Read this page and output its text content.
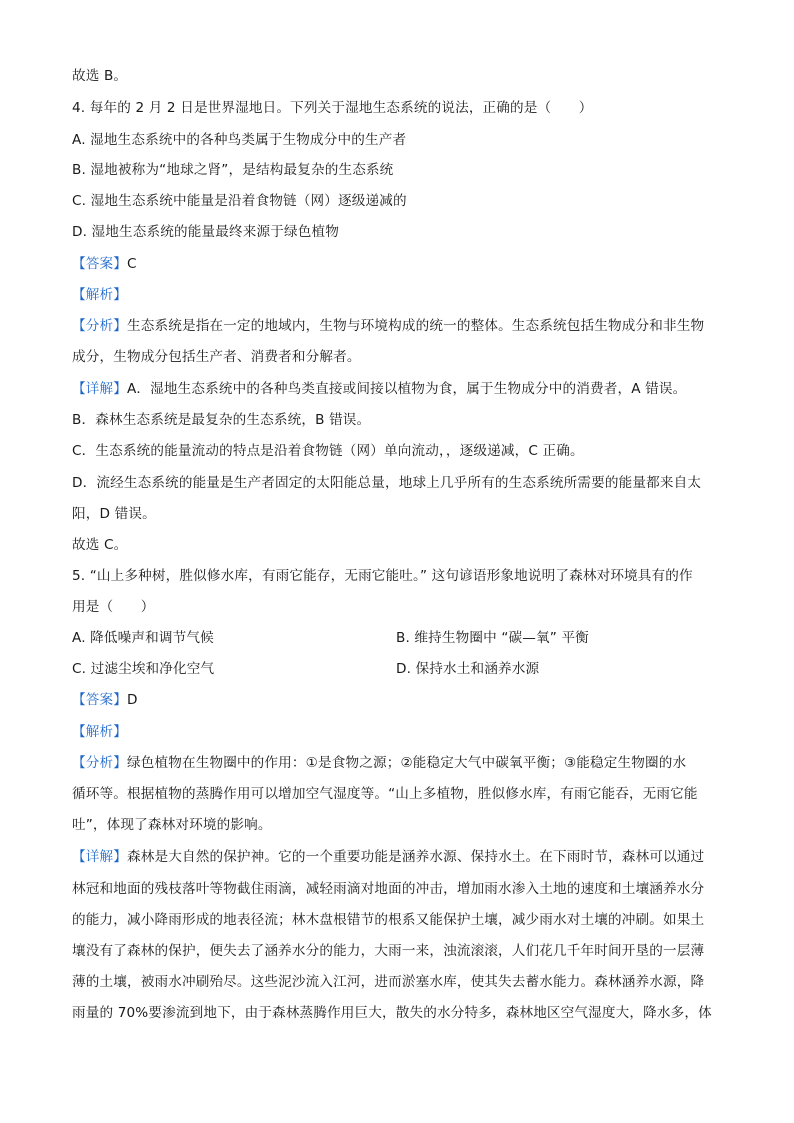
故选 B。
4. 每年的 2 月 2 日是世界湿地日。下列关于湿地生态系统的说法，正确的是（　　）
A. 湿地生态系统中的各种鸟类属于生物成分中的生产者
B. 湿地被称为“地球之肾”，是结构最复杂的生态系统
C. 湿地生态系统中能量是沿着食物链（网）逐级递减的
D. 湿地生态系统的能量最终来源于绿色植物
【答案】C
【解析】
【分析】生态系统是指在一定的地域内，生物与环境构成的统一的整体。生态系统包括生物成分和非生物
成分，生物成分包括生产者、消费者和分解者。
【详解】A．湿地生态系统中的各种鸟类直接或间接以植物为食，属于生物成分中的消费者，A 错误。
B．森林生态系统是最复杂的生态系统，B 错误。
C．生态系统的能量流动的特点是沿着食物链（网）单向流动，，逐级递减，C 正确。
D．流经生态系统的能量是生产者固定的太阳能总量，地球上几乎所有的生态系统所需要的能量都来自太
阳，D 错误。
故选 C。
5. “山上多种树，胜似修水库，有雨它能存，无雨它能吐。” 这句谚语形象地说明了森林对环境具有的作
用是（　　）
A. 降低噪声和调节气候	B. 维持生物圈中 “碳—氧” 平衡
C. 过滤尘埃和净化空气	D. 保持水土和涵养水源
【答案】D
【解析】
【分析】绿色植物在生物圈中的作用：①是食物之源；②能稳定大气中碳氧平衡；③能稳定生物圈的水
循环等。根据植物的蒸腾作用可以增加空气湿度等。“山上多植物，胜似修水库，有雨它能吞，无雨它能
吐”，体现了森林对环境的影响。
【详解】森林是大自然的保护神。它的一个重要功能是涵养水源、保持水土。在下雨时节，森林可以通过
林冠和地面的残枝落叶等物截住雨滴，减轻雨滴对地面的冲击，增加雨水渗入土地的速度和土壤涵养水分
的能力，减小降雨形成的地表径流；林木盘根错节的根系又能保护土壤，减少雨水对土壤的冲刷。如果土
壤没有了森林的保护，便失去了涵养水分的能力，大雨一来，浊流滚滚，人们花几千年时间开垦的一层薄
薄的土壤，被雨水冲刷殆尽。这些泥沙流入江河，进而淤塞水库，使其失去蓄水能力。森林涵养水源，降
雨量的 70%要渗流到地下，由于森林蒸腾作用巨大，散失的水分特多，森林地区空气湿度大，降水多，体
